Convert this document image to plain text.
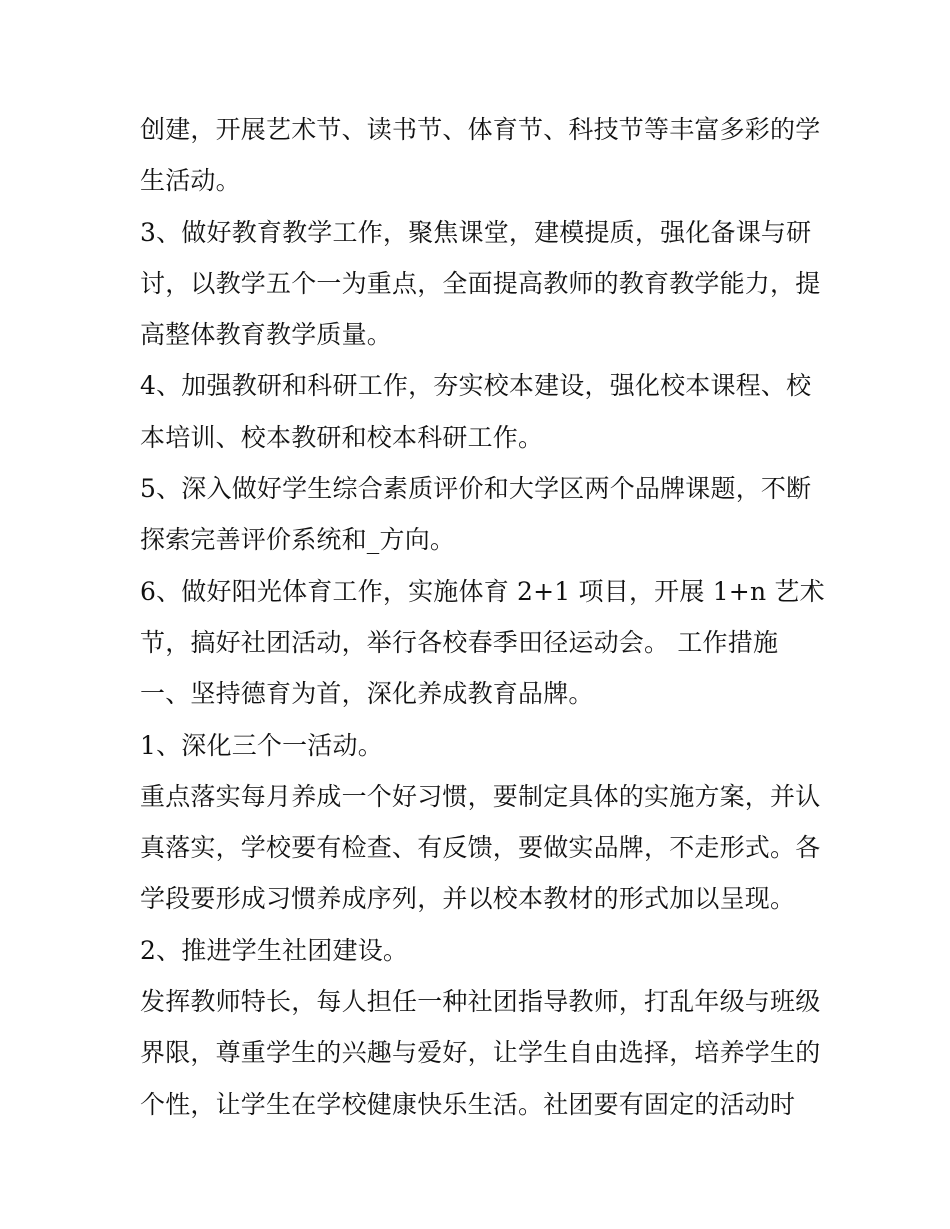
创建，开展艺术节、读书节、体育节、科技节等丰富多彩的学
生活动。
3、做好教育教学工作，聚焦课堂，建模提质，强化备课与研
讨，以教学五个一为重点，全面提高教师的教育教学能力，提
高整体教育教学质量。
4、加强教研和科研工作，夯实校本建设，强化校本课程、校
本培训、校本教研和校本科研工作。
5、深入做好学生综合素质评价和大学区两个品牌课题，不断
探索完善评价系统和_方向。
6、做好阳光体育工作，实施体育 2+1 项目，开展 1+n 艺术
节，搞好社团活动，举行各校春季田径运动会。 工作措施
一、坚持德育为首，深化养成教育品牌。
1、深化三个一活动。
重点落实每月养成一个好习惯，要制定具体的实施方案，并认
真落实，学校要有检查、有反馈，要做实品牌，不走形式。各
学段要形成习惯养成序列，并以校本教材的形式加以呈现。
2、推进学生社团建设。
发挥教师特长，每人担任一种社团指导教师，打乱年级与班级
界限，尊重学生的兴趣与爱好，让学生自由选择，培养学生的
个性，让学生在学校健康快乐生活。社团要有固定的活动时
